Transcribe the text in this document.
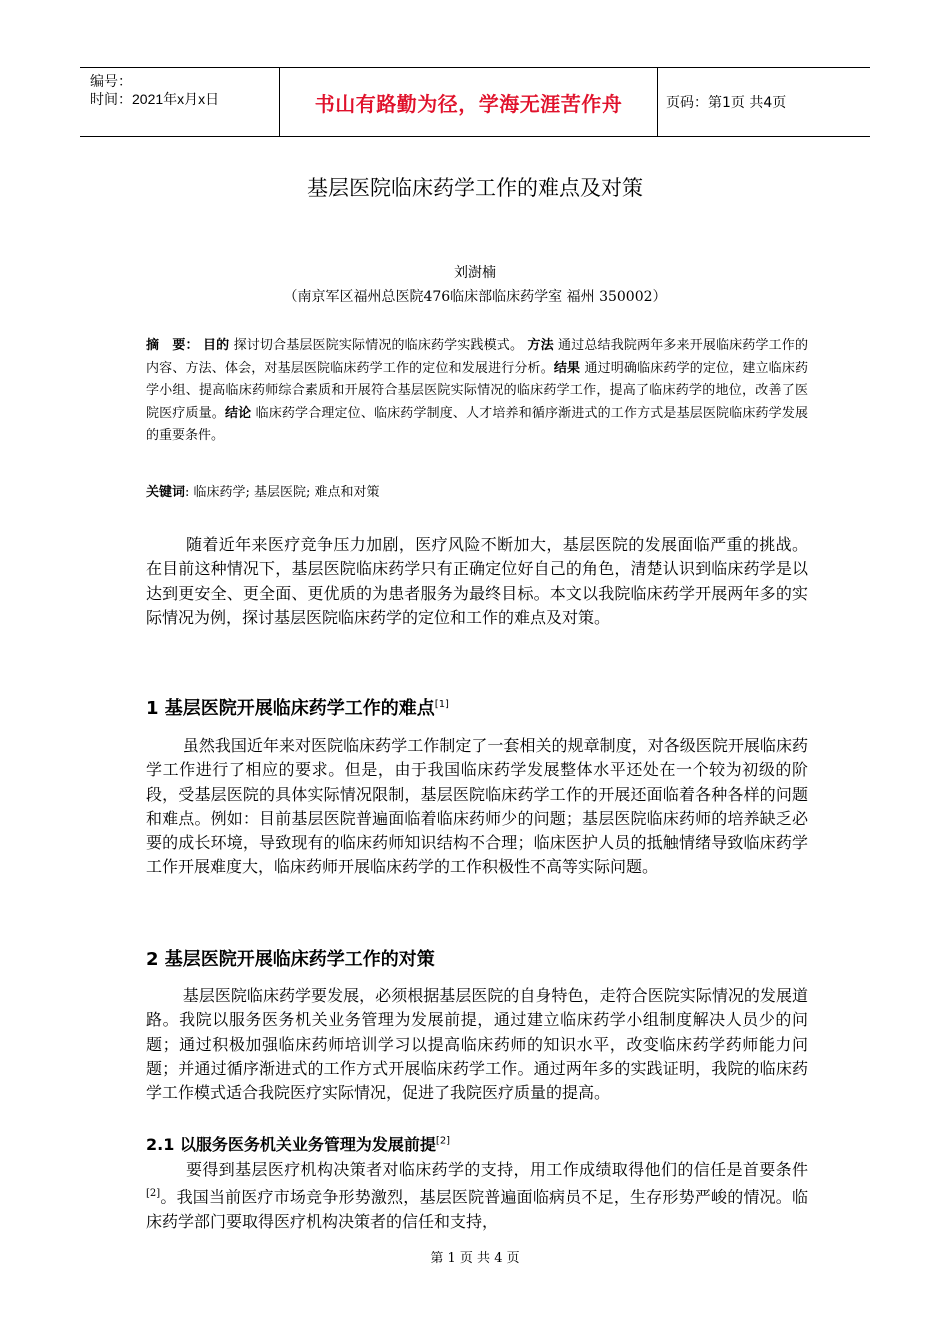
编号：
时间：2021年x月x日	书山有路勤为径，学海无涯苦作舟	页码：第1页 共4页
基层医院临床药学工作的难点及对策
刘澍楠
（南京军区福州总医院476临床部临床药学室 福州 350002）
摘　要： 目的 探讨切合基层医院实际情况的临床药学实践模式。 方法 通过总结我院两年多来开展临床药学工作的内容、方法、体会，对基层医院临床药学工作的定位和发展进行分析。结果 通过明确临床药学的定位，建立临床药学小组、提高临床药师综合素质和开展符合基层医院实际情况的临床药学工作，提高了临床药学的地位，改善了医院医疗质量。结论 临床药学合理定位、临床药学制度、人才培养和循序渐进式的工作方式是基层医院临床药学发展的重要条件。
关键词: 临床药学; 基层医院; 难点和对策
随着近年来医疗竞争压力加剧，医疗风险不断加大，基层医院的发展面临严重的挑战。在目前这种情况下，基层医院临床药学只有正确定位好自己的角色，清楚认识到临床药学是以达到更安全、更全面、更优质的为患者服务为最终目标。本文以我院临床药学开展两年多的实际情况为例，探讨基层医院临床药学的定位和工作的难点及对策。
1 基层医院开展临床药学工作的难点[1]
虽然我国近年来对医院临床药学工作制定了一套相关的规章制度，对各级医院开展临床药学工作进行了相应的要求。但是，由于我国临床药学发展整体水平还处在一个较为初级的阶段，受基层医院的具体实际情况限制，基层医院临床药学工作的开展还面临着各种各样的问题和难点。例如：目前基层医院普遍面临着临床药师少的问题；基层医院临床药师的培养缺乏必要的成长环境，导致现有的临床药师知识结构不合理；临床医护人员的抵触情绪导致临床药学工作开展难度大，临床药师开展临床药学的工作积极性不高等实际问题。
2 基层医院开展临床药学工作的对策
基层医院临床药学要发展，必须根据基层医院的自身特色，走符合医院实际情况的发展道路。我院以服务医务机关业务管理为发展前提，通过建立临床药学小组制度解决人员少的问题；通过积极加强临床药师培训学习以提高临床药师的知识水平，改变临床药学药师能力问题；并通过循序渐进式的工作方式开展临床药学工作。通过两年多的实践证明，我院的临床药学工作模式适合我院医疗实际情况，促进了我院医疗质量的提高。
2.1 以服务医务机关业务管理为发展前提[2]
要得到基层医疗机构决策者对临床药学的支持，用工作成绩取得他们的信任是首要条件[2]。我国当前医疗市场竞争形势激烈，基层医院普遍面临病员不足，生存形势严峻的情况。临床药学部门要取得医疗机构决策者的信任和支持，
第 1 页 共 4 页
